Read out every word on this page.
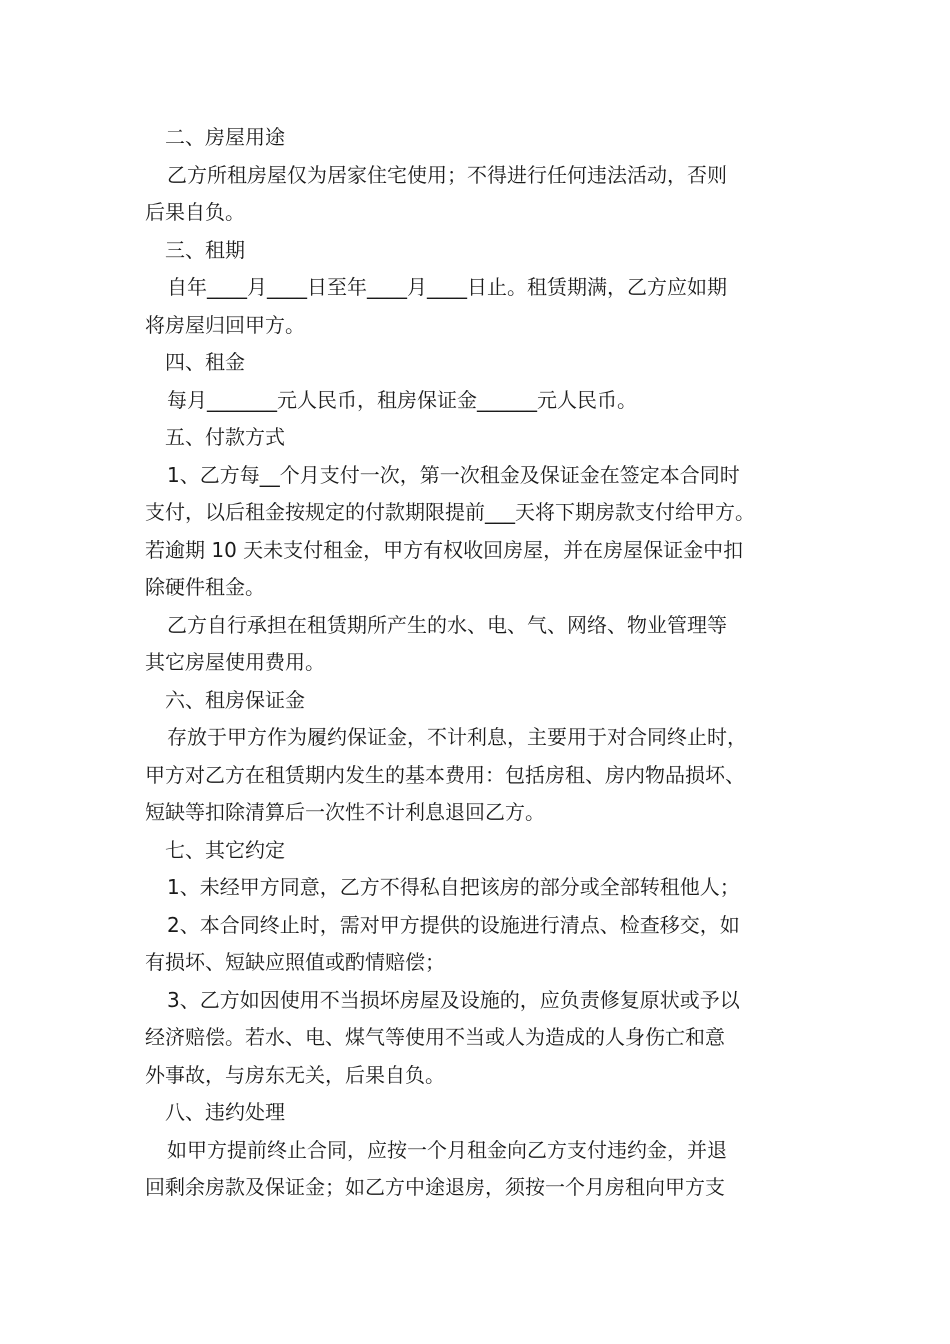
二、房屋用途
乙方所租房屋仅为居家住宅使用；不得进行任何违法活动，否则
后果自负。
三、租期
自年____月____日至年____月____日止。租赁期满，乙方应如期
将房屋归回甲方。
四、租金
每月_______元人民币，租房保证金______元人民币。
五、付款方式
1、乙方每__个月支付一次，第一次租金及保证金在签定本合同时
支付，以后租金按规定的付款期限提前___天将下期房款支付给甲方。
若逾期 10 天未支付租金，甲方有权收回房屋，并在房屋保证金中扣
除硬件租金。
乙方自行承担在租赁期所产生的水、电、气、网络、物业管理等
其它房屋使用费用。
六、租房保证金
存放于甲方作为履约保证金，不计利息，主要用于对合同终止时，
甲方对乙方在租赁期内发生的基本费用：包括房租、房内物品损坏、
短缺等扣除清算后一次性不计利息退回乙方。
七、其它约定
1、未经甲方同意，乙方不得私自把该房的部分或全部转租他人；
2、本合同终止时，需对甲方提供的设施进行清点、检查移交，如
有损坏、短缺应照值或酌情赔偿；
3、乙方如因使用不当损坏房屋及设施的，应负责修复原状或予以
经济赔偿。若水、电、煤气等使用不当或人为造成的人身伤亡和意
外事故，与房东无关，后果自负。
八、违约处理
如甲方提前终止合同，应按一个月租金向乙方支付违约金，并退
回剩余房款及保证金；如乙方中途退房，须按一个月房租向甲方支
